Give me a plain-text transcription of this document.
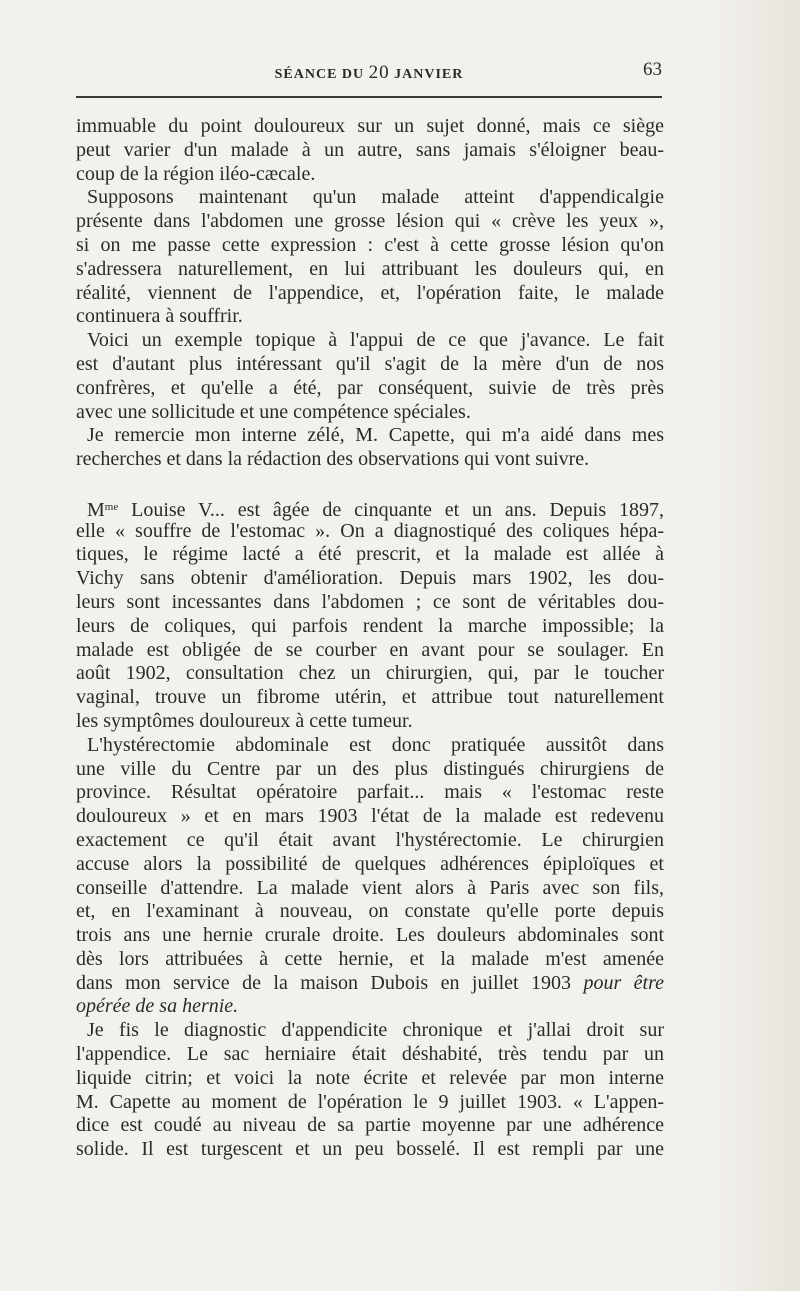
SÉANCE DU 20 JANVIER	63
immuable du point douloureux sur un sujet donné, mais ce siège
peut varier d'un malade à un autre, sans jamais s'éloigner beau-
coup de la région iléo-cæcale.
Supposons maintenant qu'un malade atteint d'appendicalgie
présente dans l'abdomen une grosse lésion qui « crève les yeux »,
si on me passe cette expression : c'est à cette grosse lésion qu'on
s'adressera naturellement, en lui attribuant les douleurs qui, en
réalité, viennent de l'appendice, et, l'opération faite, le malade
continuera à souffrir.
Voici un exemple topique à l'appui de ce que j'avance. Le fait
est d'autant plus intéressant qu'il s'agit de la mère d'un de nos
confrères, et qu'elle a été, par conséquent, suivie de très près
avec une sollicitude et une compétence spéciales.
Je remercie mon interne zélé, M. Capette, qui m'a aidé dans mes
recherches et dans la rédaction des observations qui vont suivre.
$M^{me}$ Louise V... est âgée de cinquante et un ans. Depuis 1897,
elle « souffre de l'estomac ». On a diagnostiqué des coliques hépa-
tiques, le régime lacté a été prescrit, et la malade est allée à
Vichy sans obtenir d'amélioration. Depuis mars 1902, les dou-
leurs sont incessantes dans l'abdomen ; ce sont de véritables dou-
leurs de coliques, qui parfois rendent la marche impossible; la
malade est obligée de se courber en avant pour se soulager. En
août 1902, consultation chez un chirurgien, qui, par le toucher
vaginal, trouve un fibrome utérin, et attribue tout naturellement
les symptômes douloureux à cette tumeur.
L'hystérectomie abdominale est donc pratiquée aussitôt dans
une ville du Centre par un des plus distingués chirurgiens de
province. Résultat opératoire parfait... mais « l'estomac reste
douloureux » et en mars 1903 l'état de la malade est redevenu
exactement ce qu'il était avant l'hystérectomie. Le chirurgien
accuse alors la possibilité de quelques adhérences épiploïques et
conseille d'attendre. La malade vient alors à Paris avec son fils,
et, en l'examinant à nouveau, on constate qu'elle porte depuis
trois ans une hernie crurale droite. Les douleurs abdominales sont
dès lors attribuées à cette hernie, et la malade m'est amenée
dans mon service de la maison Dubois en juillet 1903 pour être
opérée de sa hernie.
Je fis le diagnostic d'appendicite chronique et j'allai droit sur
l'appendice. Le sac herniaire était déshabité, très tendu par un
liquide citrin; et voici la note écrite et relevée par mon interne
M. Capette au moment de l'opération le 9 juillet 1903. « L'appen-
dice est coudé au niveau de sa partie moyenne par une adhérence
solide. Il est turgescent et un peu bosselé. Il est rempli par une
